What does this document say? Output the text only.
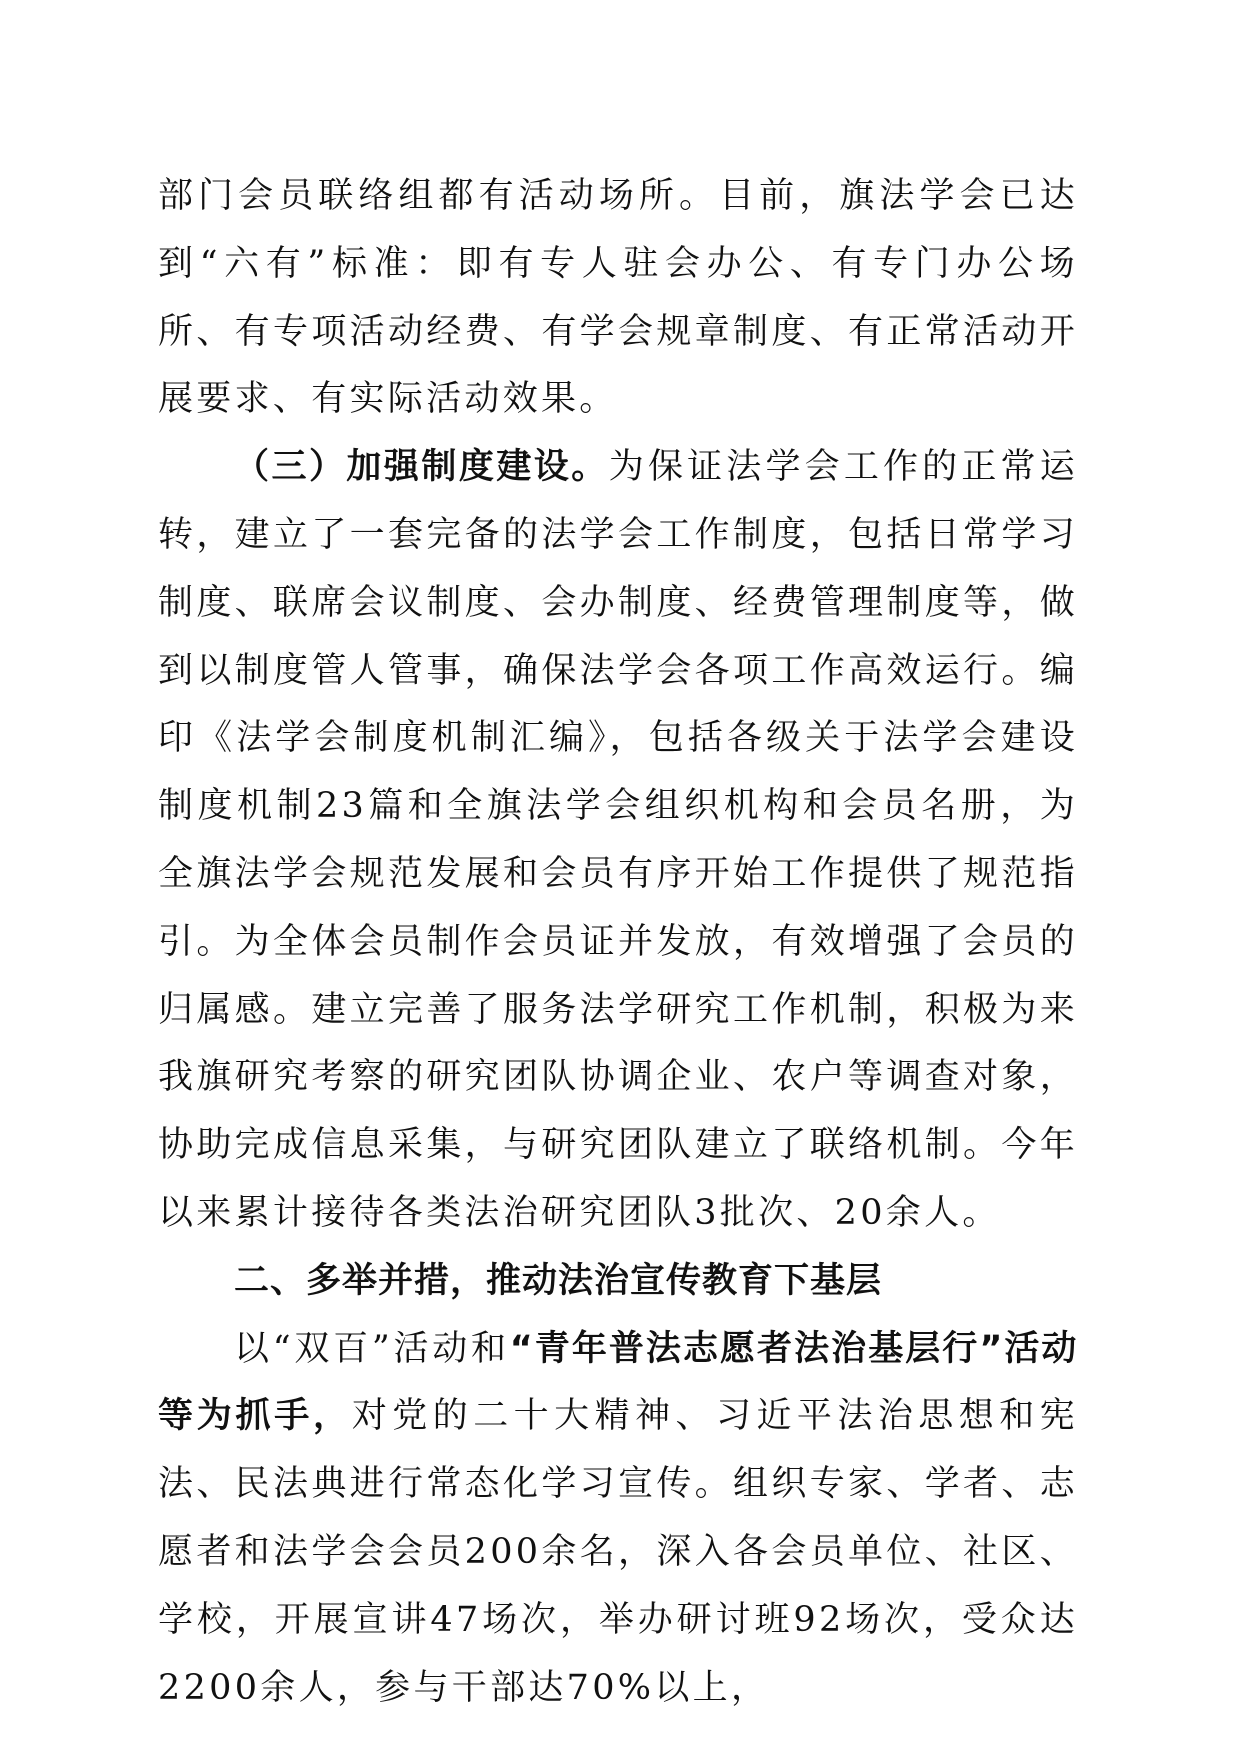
部门会员联络组都有活动场所。目前，旗法学会已达到“六有”标准：即有专人驻会办公、有专门办公场所、有专项活动经费、有学会规章制度、有正常活动开展要求、有实际活动效果。

（三）加强制度建设。为保证法学会工作的正常运转，建立了一套完备的法学会工作制度，包括日常学习制度、联席会议制度、会办制度、经费管理制度等，做到以制度管人管事，确保法学会各项工作高效运行。编印《法学会制度机制汇编》，包括各级关于法学会建设制度机制23篇和全旗法学会组织机构和会员名册，为全旗法学会规范发展和会员有序开始工作提供了规范指引。为全体会员制作会员证并发放，有效增强了会员的归属感。建立完善了服务法学研究工作机制，积极为来我旗研究考察的研究团队协调企业、农户等调查对象，协助完成信息采集，与研究团队建立了联络机制。今年以来累计接待各类法治研究团队3批次、20余人。

二、多举并措，推动法治宣传教育下基层

以“双百”活动和“青年普法志愿者法治基层行”活动等为抓手，对党的二十大精神、习近平法治思想和宪法、民法典进行常态化学习宣传。组织专家、学者、志愿者和法学会会员200余名，深入各会员单位、社区、学校，开展宣讲47场次，举办研讨班92场次，受众达2200余人，参与干部达70%以上，
